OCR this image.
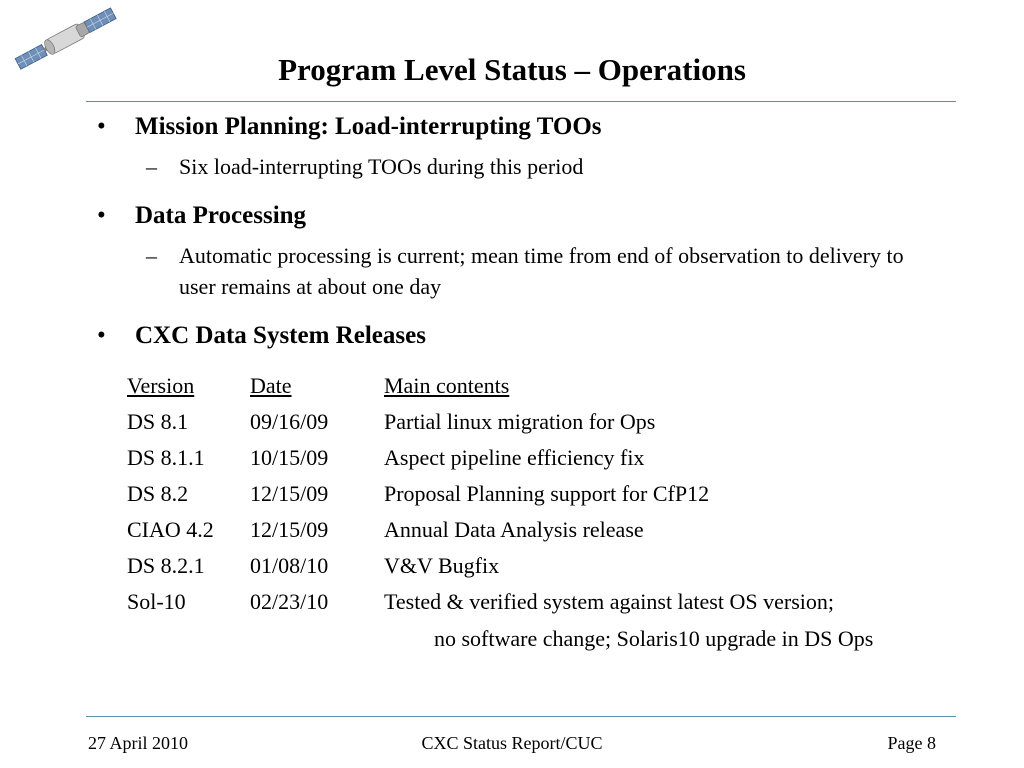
Program Level Status – Operations
• Mission Planning: Load-interrupting TOOs
– Six load-interrupting TOOs during this period
• Data Processing
– Automatic processing is current; mean time from end of observation to delivery to user remains at about one day
• CXC Data System Releases
Version	Date	Main contents
DS 8.1	09/16/09	Partial linux migration for Ops
DS 8.1.1	10/15/09	Aspect pipeline efficiency fix
DS 8.2	12/15/09	Proposal Planning support for CfP12
CIAO 4.2	12/15/09	Annual Data Analysis release
DS 8.2.1	01/08/10	V&V Bugfix
Sol-10	02/23/10	Tested & verified system against latest OS version;
no software change; Solaris10 upgrade in DS Ops
27 April 2010	CXC Status Report/CUC	Page 8
